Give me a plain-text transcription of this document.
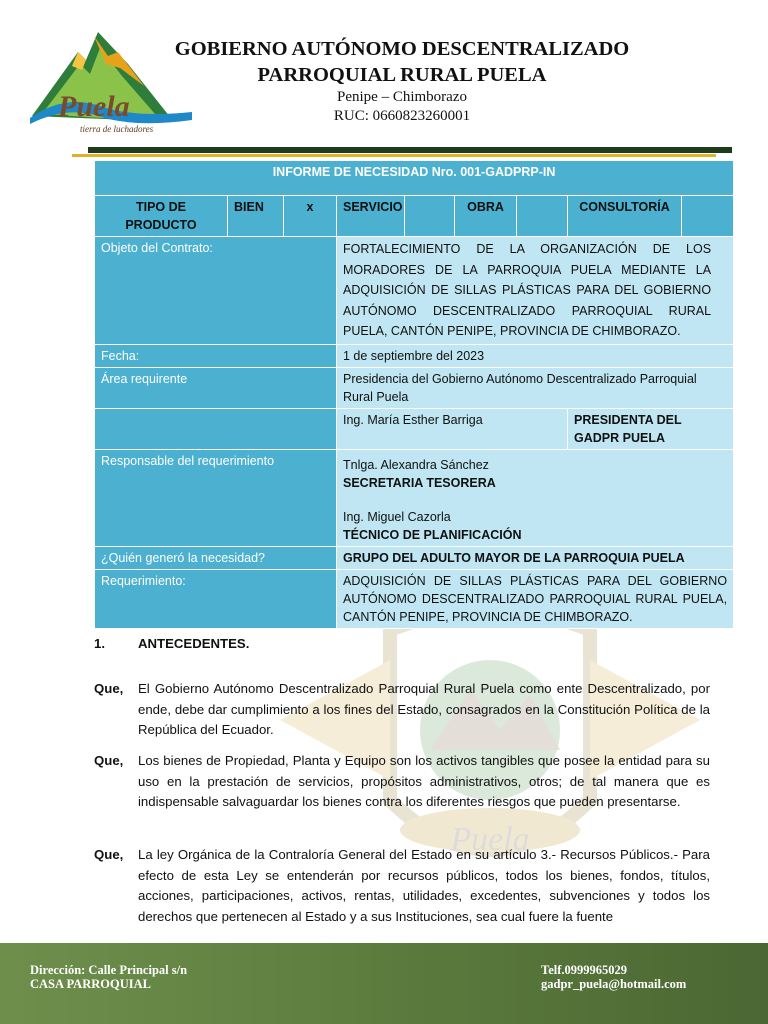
Puela
tierra de luchadores
GOBIERNO AUTÓNOMO DESCENTRALIZADO
PARROQUIAL RURAL PUELA
Penipe – Chimborazo
RUC: 0660823260001
Puela
INFORME DE NECESIDAD Nro. 001-GADPRP-IN								
TIPO DE PRODUCTO	BIEN	x	SERVICIO		OBRA		CONSULTORÍA	
Objeto del Contrato:			FORTALECIMIENTO DE LA ORGANIZACIÓN DE LOS MORADORES DE LA PARROQUIA PUELA MEDIANTE LA ADQUISICIÓN DE SILLAS PLÁSTICAS PARA DEL GOBIERNO AUTÓNOMO DESCENTRALIZADO PARROQUIAL RURAL PUELA, CANTÓN PENIPE, PROVINCIA DE CHIMBORAZO.					
Fecha:			1 de septiembre del 2023					
Área requirente			Presidencia del Gobierno Autónomo Descentralizado Parroquial Rural Puela					
			Ing. María Esther Barriga				PRESIDENTA DEL GADPR PUELA	
Responsable del requerimiento			Tnlga. Alexandra Sánchez
SECRETARIA TESORERA
Ing. Miguel Cazorla
TÉCNICO DE PLANIFICACIÓN					

¿Quién generó la necesidad?			GRUPO DEL ADULTO MAYOR DE LA PARROQUIA PUELA					
Requerimiento:			ADQUISICIÓN DE SILLAS PLÁSTICAS PARA DEL GOBIERNO AUTÓNOMO DESCENTRALIZADO PARROQUIAL RURAL PUELA, CANTÓN PENIPE, PROVINCIA DE CHIMBORAZO.					
1.	ANTECEDENTES.
Que, El Gobierno Autónomo Descentralizado Parroquial Rural Puela como ente Descentralizado, por ende, debe dar cumplimiento a los fines del Estado, consagrados en la Constitución Política de la República del Ecuador.
Que, Los bienes de Propiedad, Planta y Equipo son los activos tangibles que posee la entidad para su uso en la prestación de servicios, propósitos administrativos, otros; de tal manera que es indispensable salvaguardar los bienes contra los diferentes riesgos que pueden presentarse.
Que, La ley Orgánica de la Contraloría General del Estado en su artículo 3.- Recursos Públicos.- Para efecto de esta Ley se entenderán por recursos públicos, todos los bienes, fondos, títulos, acciones, participaciones, activos, rentas, utilidades, excedentes, subvenciones y todos los derechos que pertenecen al Estado y a sus Instituciones, sea cual fuere la fuente
Dirección: Calle Principal s/n
CASA PARROQUIAL
Telf.0999965029
gadpr_puela@hotmail.com
